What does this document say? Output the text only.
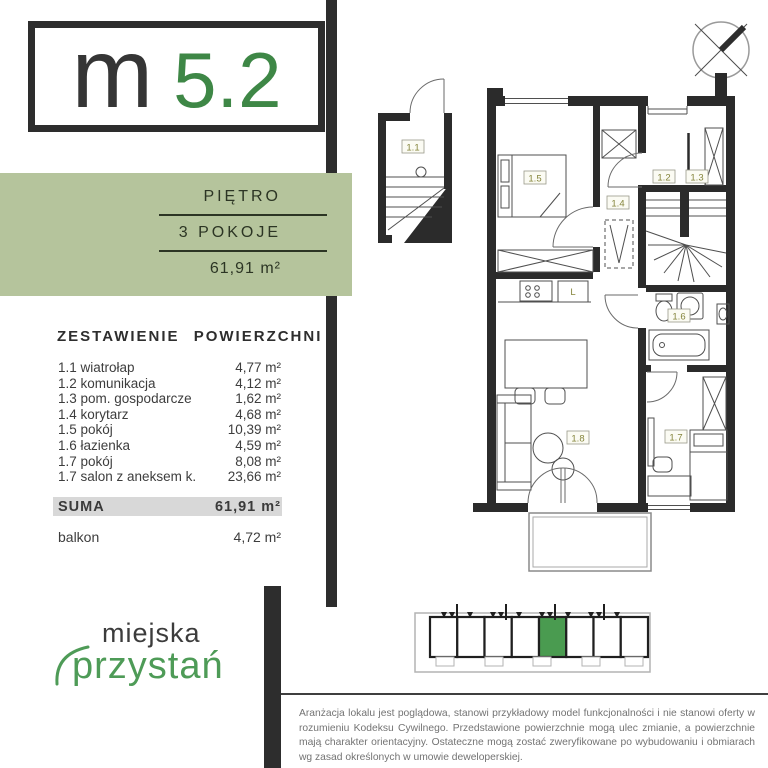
m 5.2
PIĘTRO
3 POKOJE
61,91 m²
ZESTAWIENIE POWIERZCHNI
1.1 wiatrołap	4,77 m²
1.2 komunikacja	4,12 m²
1.3 pom. gospodarcze	1,62 m²
1.4 korytarz	4,68 m²
1.5 pokój	10,39 m²
1.6 łazienka	4,59 m²
1.7 pokój	8,08 m²
1.7 salon z aneksem k. 23,66 m²
SUMA	61,91 m²
balkon	4,72 m²
L
1.1
1.5	1.2 1.3
1.4
1.6
1.8	1.7
miejska
przystań
Aranżacja lokalu jest poglądowa, stanowi przykładowy model funkcjonalności i nie stanowi oferty w rozumieniu Kodeksu Cywilnego. Przedstawione powierzchnie mogą ulec zmianie, a powierzchnie mają charakter orientacyjny. Ostateczne mogą zostać zweryfikowane po wybudowaniu i obmiarach wg zasad określonych w umowie deweloperskiej.
